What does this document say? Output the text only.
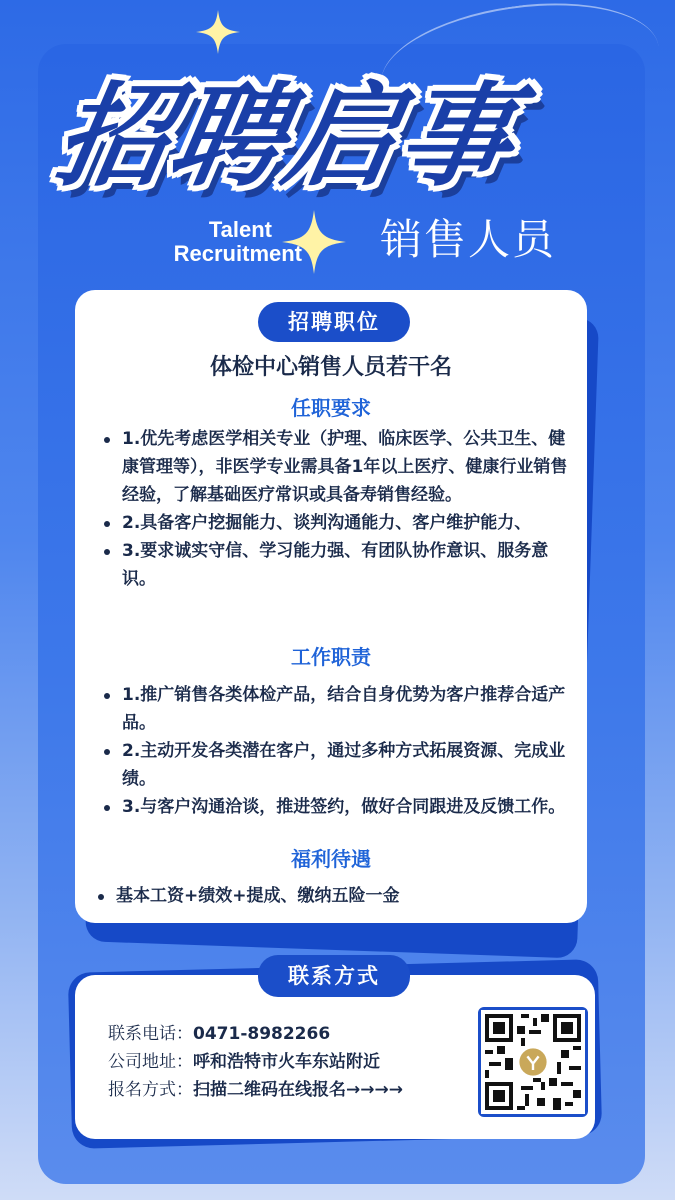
招聘启事
Talent
Recruitment 销售人员
招聘职位
体检中心销售人员若干名
任职要求
1.优先考虑医学相关专业（护理、临床医学、公共卫生、健康管理等），非医学专业需具备1年以上医疗、健康行业销售经验，了解基础医疗常识或具备寿销售经验。
2.具备客户挖掘能力、谈判沟通能力、客户维护能力、
3.要求诚实守信、学习能力强、有团队协作意识、服务意识。
工作职责
1.推广销售各类体检产品，结合自身优势为客户推荐合适产品。
2.主动开发各类潜在客户，通过多种方式拓展资源、完成业绩。
3.与客户沟通洽谈，推进签约，做好合同跟进及反馈工作。
福利待遇
基本工资+绩效+提成、缴纳五险一金
联系方式
联系电话：0471-8982266
公司地址：呼和浩特市火车东站附近
报名方式：扫描二维码在线报名→→→→
